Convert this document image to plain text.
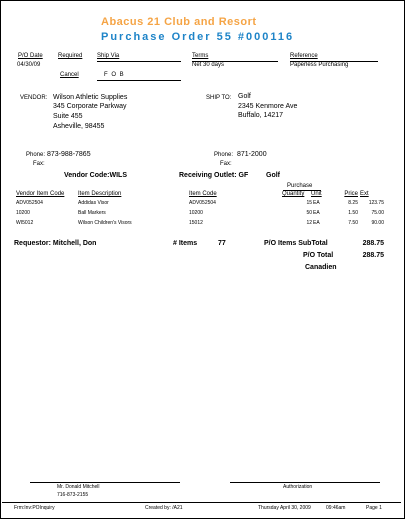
Abacus 21 Club and Resort
Purchase Order 55 #000116
P/O Date
04/30/09
Required Ship Via	Terms
Net 30 days
Reference
Paperless Purchasing
Cancel	F O B
VENDOR: Wilson Athletic Supplies
345 Corporate Parkway
Suite 455
Asheville, 98455
SHIP TO: Golf
2345 Kenmore Ave
Buffalo, 14217
Phone: 873-988-7865
Fax:
Phone: 871-2000
Fax:
Vendor Code:WILS	Receiving Outlet: GF	Golf
Purchase
Vendor Item Code Item Description	Item Code	Quantity Unit	Price Ext
ADV052504	Addidas Visor	ADV052504	15 EA	8.25	123.75
10200	Ball Markers	10200	50 EA	1.50	75.00
WI5012	Wilson Children's Visors	15012	12 EA	7.50	90.00
Requestor: Mitchell, Don	# Items	77	P/O Items SubTotal	288.75
P/O Total	288.75
Canadien
Mr. Donald Mitchell
716-873-2155
Authorization
Frm:Inv:POInquiry	Created by: /A21	Thursday April 30, 2009	09:46am	Page 1
